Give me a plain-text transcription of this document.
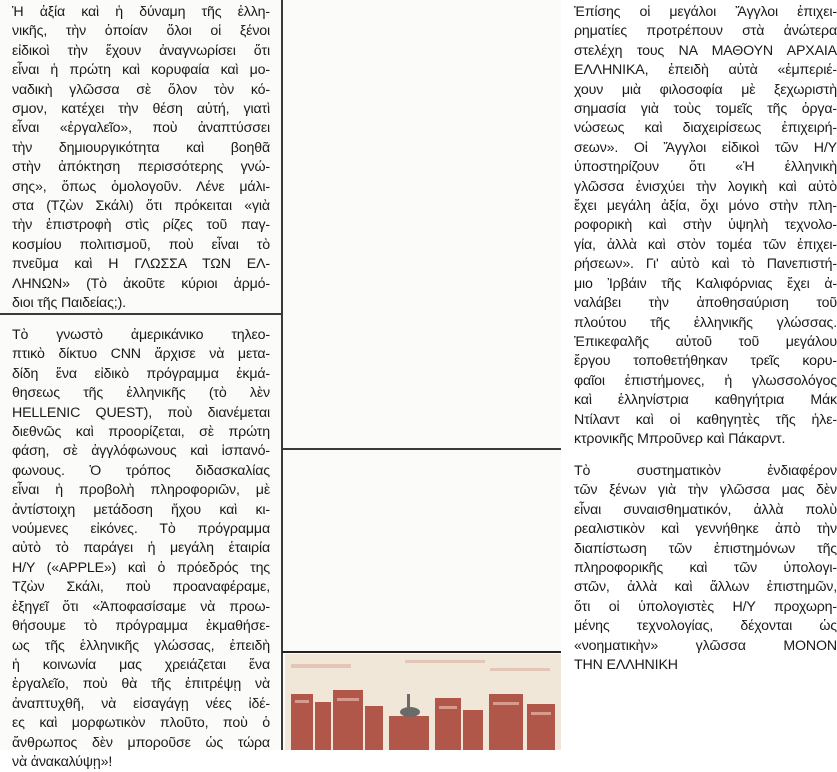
Ἡ ἀξία καὶ ἡ δύναμη τῆς ἑλλη-
νικῆς, τὴν ὁποίαν ὅλοι οἱ ξένοι
εἰδικοὶ τὴν ἔχουν ἀναγνωρίσει ὅτι
εἶναι ἡ πρώτη καὶ κορυφαία καὶ μο-
ναδικὴ γλῶσσα σὲ ὅλον τὸν κό-
σμον, κατέχει τὴν θέση αὐτή, γιατὶ
εἶναι «ἐργαλεῖο», ποὺ ἀναπτύσσει
τὴν δημιουργικότητα καὶ βοηθᾶ
στὴν ἀπόκτηση περισσότερης γνώ-
σης», ὅπως ὁμολογοῦν. Λένε μάλι-
στα (Τζὼν Σκάλι) ὅτι πρόκειται «γιὰ
τὴν ἐπιστροφὴ στὶς ρίζες τοῦ παγ-
κοσμίου πολιτισμοῦ, ποὺ εἶναι τὸ
πνεῦμα καὶ Η ΓΛΩΣΣΑ ΤΩΝ ΕΛ-
ΛΗΝΩΝ» (Τὸ ἀκοῦτε κύριοι ἁρμό-
διοι τῆς Παιδείας;).
Τὸ γνωστὸ ἀμερικάνικο τηλεο-
πτικὸ δίκτυο CNN ἄρχισε νὰ μετα-
δίδη ἕνα εἰδικὸ πρόγραμμα ἐκμά-
θησεως τῆς ἑλληνικῆς (τὸ λὲν
HELLENIC QUEST), ποὺ διανέμεται
διεθνῶς καὶ προορίζεται, σὲ πρώτη
φάση, σὲ ἀγγλόφωνους καὶ ἱσπανό-
φωνους. Ὁ τρόπος διδασκαλίας
εἶναι ἡ προβολὴ πληροφοριῶν, μὲ
ἀντίστοιχη μετάδοση ἤχου καὶ κι-
νούμενες εἰκόνες. Τὸ πρόγραμμα
αὐτὸ τὸ παράγει ἡ μεγάλη ἑταιρία
Η/Υ («APPLE») καὶ ὁ πρόεδρός της
Τζὼν Σκάλι, ποὺ προαναφέραμε,
ἐξηγεῖ ὅτι «Ἀποφασίσαμε νὰ προω-
θήσουμε τὸ πρόγραμμα ἐκμαθήσε-
ως τῆς ἑλληνικῆς γλώσσας, ἐπειδὴ
ἡ κοινωνία μας χρειάζεται ἕνα
ἐργαλεῖο, ποὺ θὰ τῆς ἐπιτρέψῃ νὰ
ἀναπτυχθῆ, νὰ εἰσαγάγῃ νέες ἰδέ-
ες καὶ μορφωτικὸν πλοῦτο, ποὺ ὁ
ἄνθρωπος δὲν μποροῦσε ὡς τώρα
νὰ ἀνακαλύψῃ»!
Ἐπίσης οἱ μεγάλοι Ἄγγλοι ἐπιχει-
ρηματίες προτρέπουν στὰ ἀνώτερα
στελέχη τους ΝΑ ΜΑΘΟΥΝ ΑΡΧΑΙΑ
ΕΛΛΗΝΙΚΑ, ἐπειδὴ αὐτὰ «ἐμπεριέ-
χουν μιὰ φιλοσοφία μὲ ξεχωριστὴ
σημασία γιὰ τοὺς τομεῖς τῆς ὀργα-
νώσεως καὶ διαχειρίσεως ἐπιχειρή-
σεων». Οἱ Ἄγγλοι εἰδικοὶ τῶν Η/Υ
ὑποστηρίζουν ὅτι «Ἡ ἑλληνικὴ
γλῶσσα ἐνισχύει τὴν λογικὴ καὶ αὐτὸ
ἔχει μεγάλη ἀξία, ὄχι μόνο στὴν πλη-
ροφορικὴ καὶ στὴν ὑψηλὴ τεχνολο-
γία, ἀλλὰ καὶ στὸν τομέα τῶν ἐπιχει-
ρήσεων». Γι' αὐτὸ καὶ τὸ Πανεπιστή-
μιο Ἰρβάιν τῆς Καλιφόρνιας ἔχει ἀ-
ναλάβει τὴν ἀποθησαύριση τοῦ
πλούτου τῆς ἑλληνικῆς γλώσσας.
Ἐπικεφαλῆς αὐτοῦ τοῦ μεγάλου
ἔργου τοποθετήθηκαν τρεῖς κορυ-
φαῖοι ἐπιστήμονες, ἡ γλωσσολόγος
καὶ ἑλληνίστρια καθηγήτρια Μάκ
Ντίλαντ καὶ οἱ καθηγητὲς τῆς ἠλε-
κτρονικῆς Μπροῦνερ καὶ Πάκαρντ.
Τὸ συστηματικὸν ἐνδιαφέρον
τῶν ξένων γιὰ τὴν γλῶσσα μας δὲν
εἶναι συναισθηματικόν, ἀλλὰ πολὺ
ρεαλιστικὸν καὶ γεννήθηκε ἀπὸ τὴν
διαπίστωση τῶν ἐπιστημόνων τῆς
πληροφορικῆς καὶ τῶν ὑπολογι-
στῶν, ἀλλὰ καὶ ἄλλων ἐπιστημῶν,
ὅτι οἱ ὑπολογιστὲς Η/Υ προχωρη-
μένης τεχνολογίας, δέχονται ὡς
«νοηματικὴν» γλῶσσα ΜΟΝΟΝ
ΤΗΝ ΕΛΛΗΝΙΚΗ
